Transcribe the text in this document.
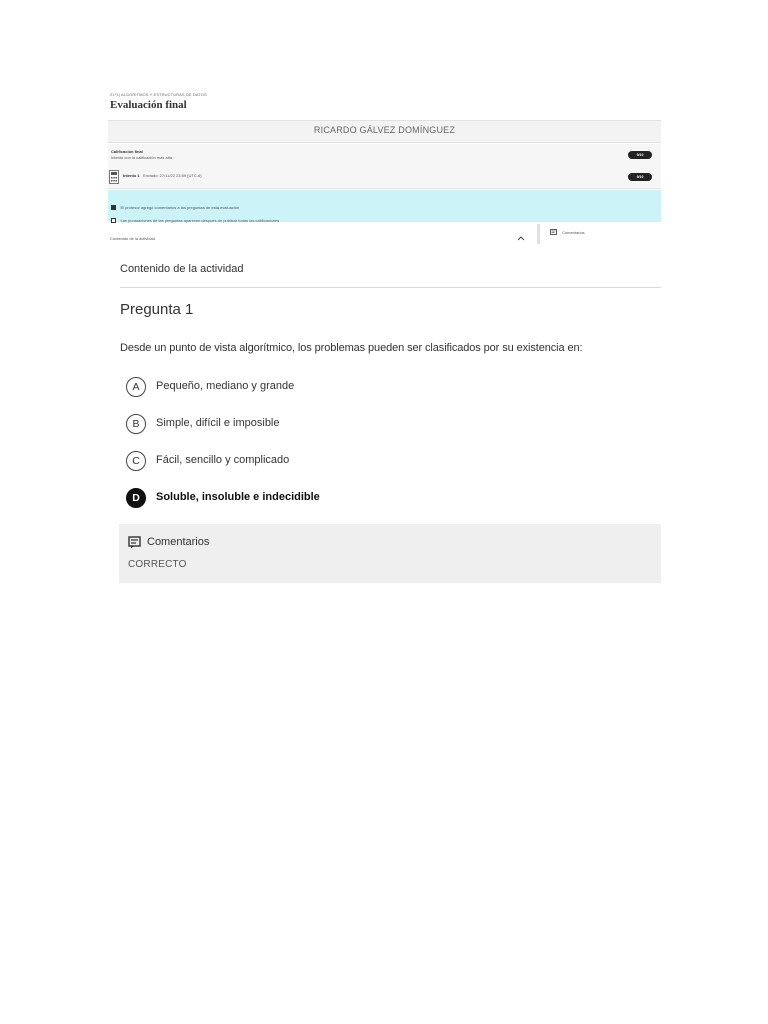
21*1] ALGORITMOS Y ESTRUCTURAS DE DATOS
Evaluación final
RICARDO GÁLVEZ DOMÍNGUEZ
Calificación final
Intento con la calificación más alta	9/10
Intento 1 Enviado: 27/11/22 23:59 (UTC-6)	9/10
El profesor agregó comentarios a las preguntas de esta evaluación
Las puntuaciones de las preguntas aparecen después de publicar todas las calificaciones
Contenido de la actividad
Comentarios
Contenido de la actividad
Pregunta 1
Desde un punto de vista algorítmico, los problemas pueden ser clasificados por su existencia en:
A	Pequeño, mediano y grande
B	Simple, difícil e imposible
C	Fácil, sencillo y complicado
D	Soluble, insoluble e indecidible
Comentarios
CORRECTO
